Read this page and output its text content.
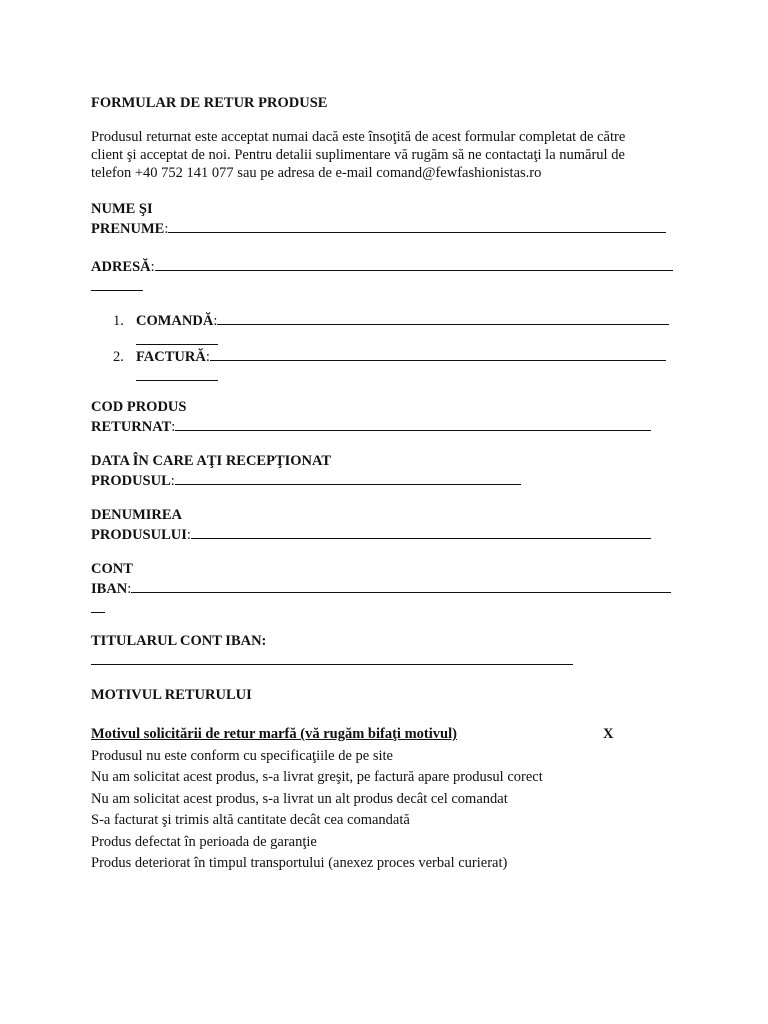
FORMULAR DE RETUR PRODUSE
Produsul returnat este acceptat numai dacă este însoţită de acest formular completat de către
client şi acceptat de noi. Pentru detalii suplimentare vă rugăm să ne contactaţi la numărul de
telefon +40 752 141 077 sau pe adresa de e-mail comand@fewfashionistas.ro
NUME ŞI
PRENUME:
ADRESĂ:
1. COMANDĂ:
2. FACTURĂ:
COD PRODUS
RETURNAT:
DATA ÎN CARE AŢI RECEPŢIONAT
PRODUSUL:
DENUMIREA
PRODUSULUI:
CONT
IBAN:
TITULARUL CONT IBAN:
MOTIVUL RETURULUI
Motivul solicitării de retur marfă (vă rugăm bifaţi motivul)	X
Produsul nu este conform cu specificaţiile de pe site
Nu am solicitat acest produs, s-a livrat greşit, pe factură apare produsul corect
Nu am solicitat acest produs, s-a livrat un alt produs decât cel comandat
S-a facturat şi trimis altă cantitate decât cea comandată
Produs defectat în perioada de garanţie
Produs deteriorat în timpul transportului (anexez proces verbal curierat)
